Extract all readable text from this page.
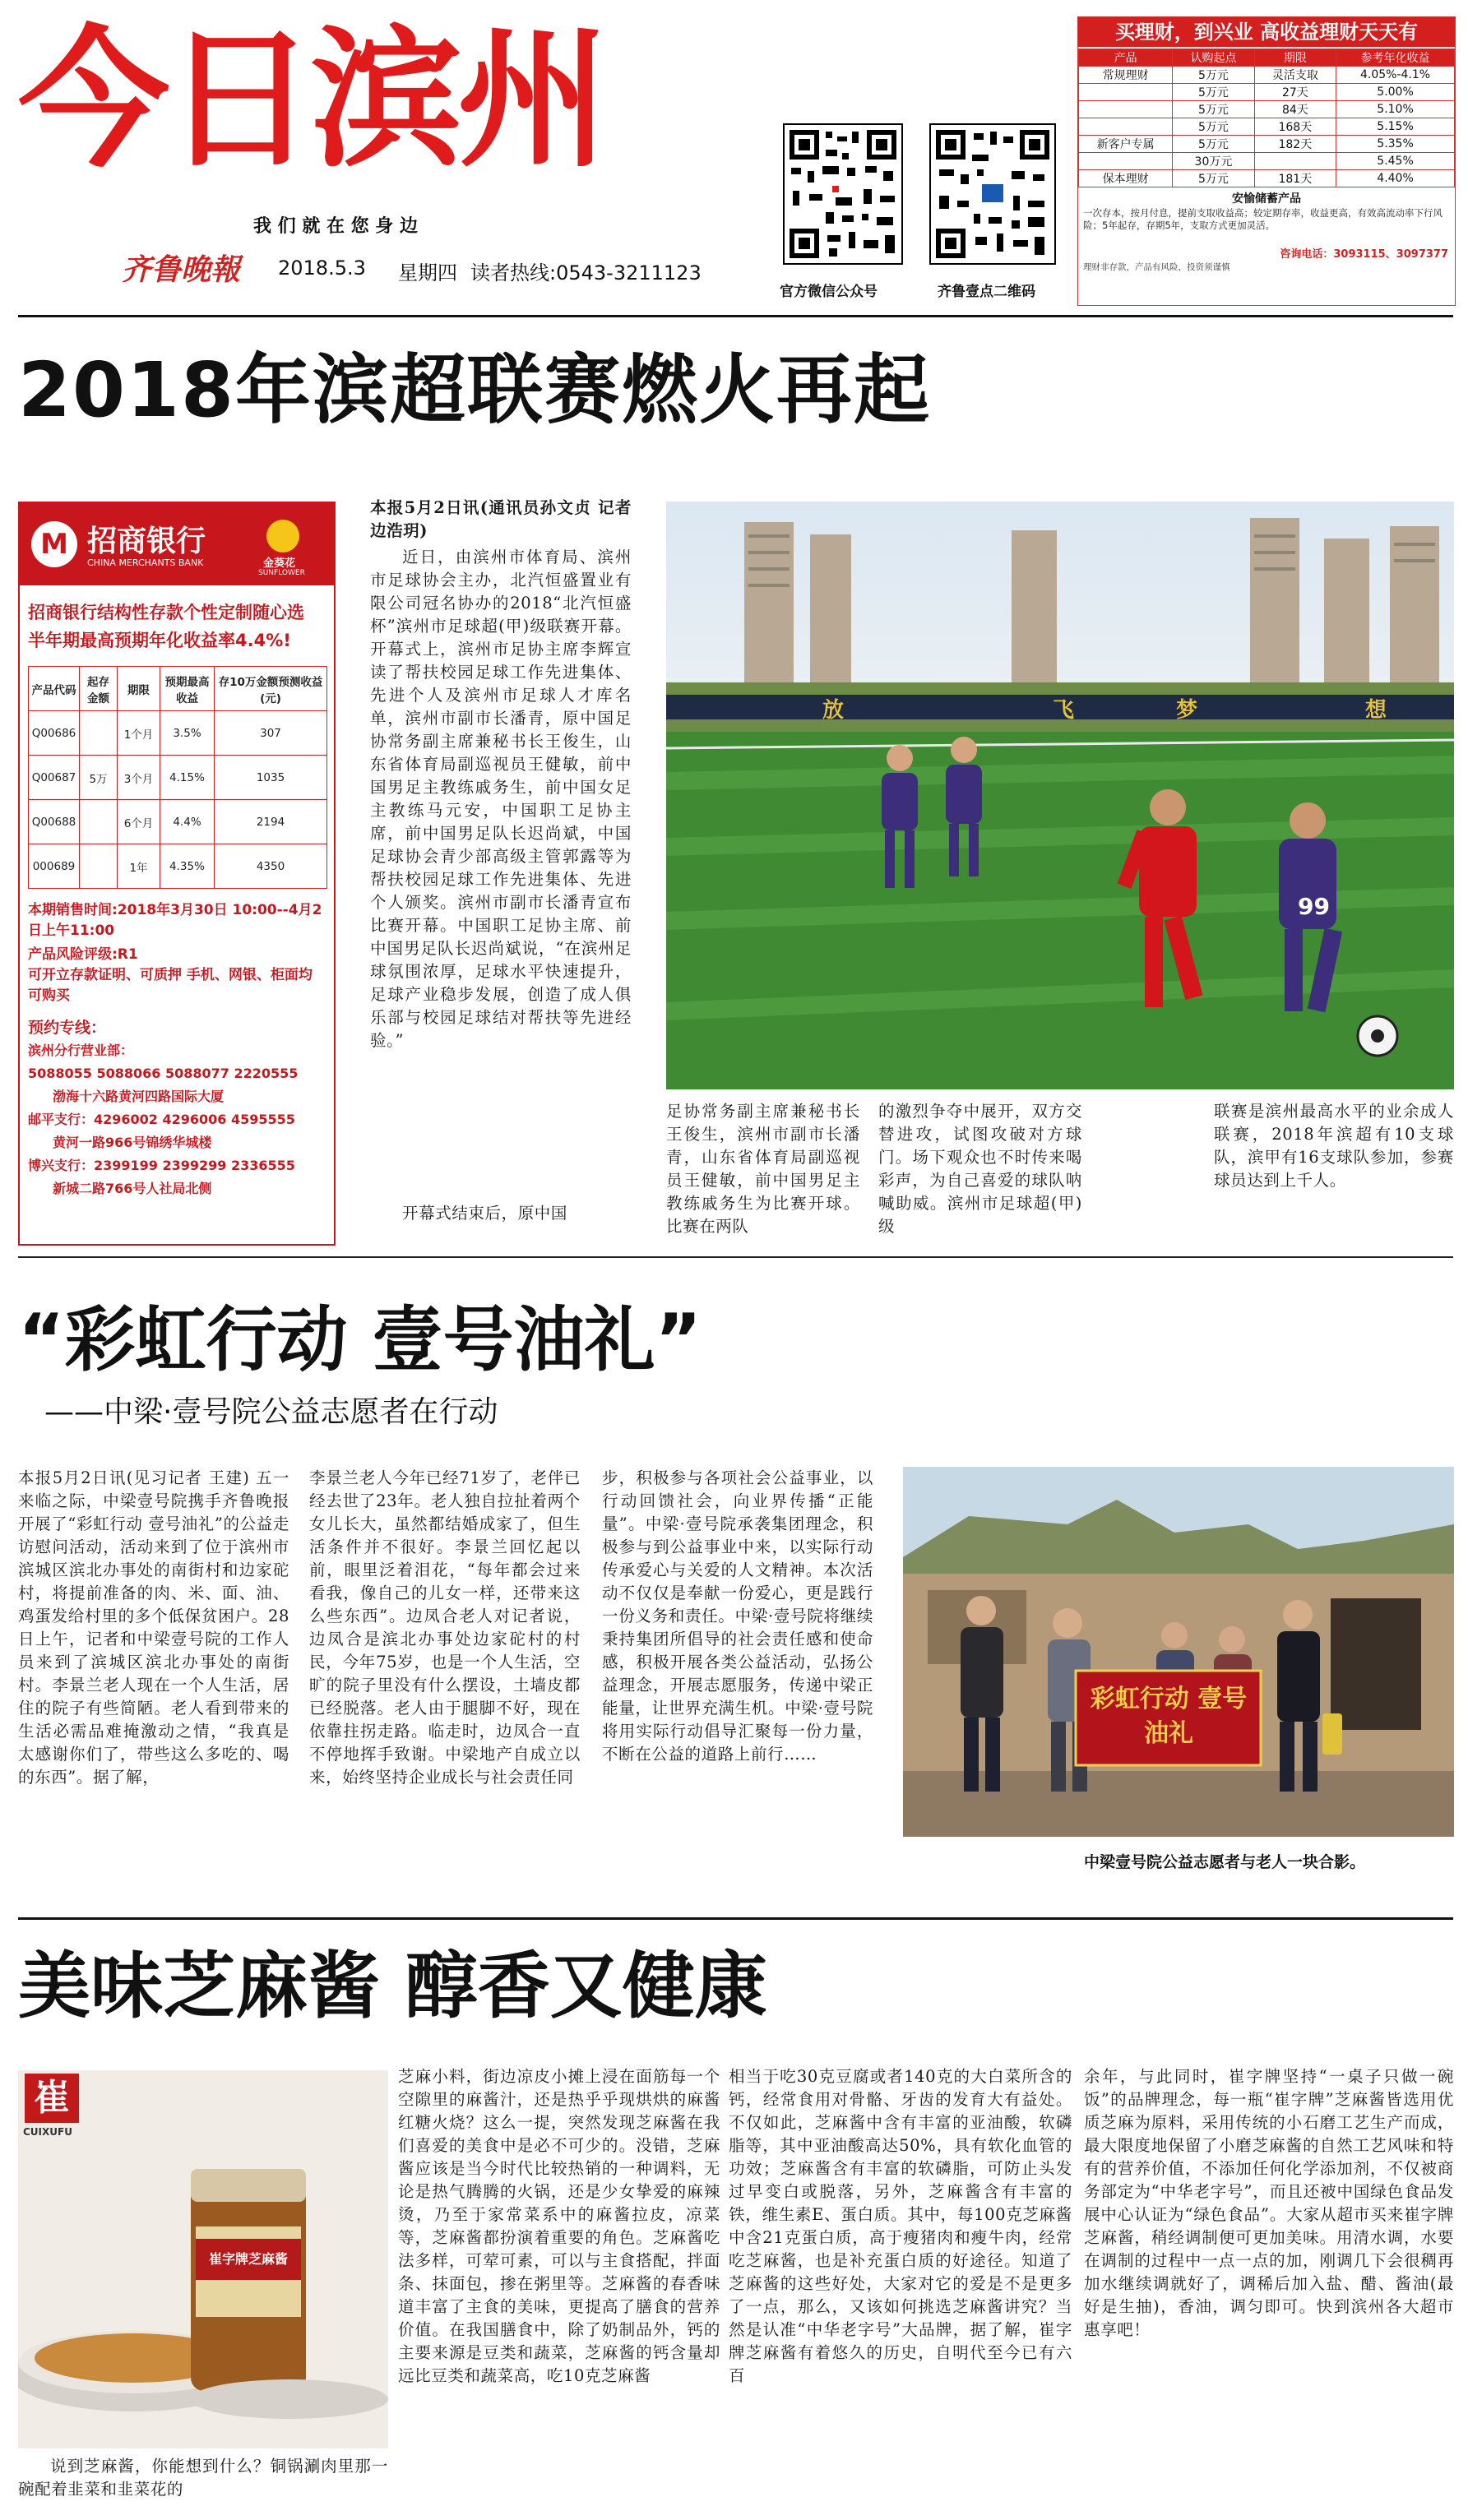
今日滨州
我 们 就 在 您 身 边
齐鲁晚報 2018.5.3 星期四 读者热线:0543-3211123
官方微信公众号	齐鲁壹点二维码
买理财，到兴业 高收益理财天天有
产品	认购起点	期限	参考年化收益
常规理财	5万元	灵活支取	4.05%-4.1%
	5万元	27天	5.00%
	5万元	84天	5.10%
	5万元	168天	5.15%
新客户专属	5万元	182天	5.35%
	30万元		5.45%
保本理财	5万元	181天	4.40%
安愉储蓄产品
一次存本，按月付息，提前支取收益高；较定期存率，收益更高，有效高流动率下行风险；5年起存，存期5年，支取方式更加灵活。
咨询电话：3093115、3097377
理财非存款，产品有风险，投资须谨慎
2018年滨超联赛燃火再起
M 招商银行
CHINA MERCHANTS BANK	金葵花
SUNFLOWER
招商银行结构性存款个性定制随心选 半年期最高预期年化收益率4.4%!
产品代码	起存金额	期限	预期最高收益	存10万金额预测收益(元)
Q00686		1个月	3.5%	307
Q00687	5万	3个月	4.15%	1035
Q00688		6个月	4.4%	2194
000689		1年	4.35%	4350
本期销售时间:2018年3月30日 10:00--4月2日上午11:00
产品风险评级:R1
可开立存款证明、可质押 手机、网银、柜面均可购买
预约专线：
滨州分行营业部：
5088055 5088066 5088077 2220555
渤海十六路黄河四路国际大厦
邮平支行：4296002 4296006 4595555
黄河一路966号锦绣华城楼
博兴支行：2399199 2399299 2336555
新城二路766号人社局北侧
本报5月2日讯(通讯员孙文贞 记者 边浩玥)
近日，由滨州市体育局、滨州市足球协会主办，北汽恒盛置业有限公司冠名协办的2018“北汽恒盛杯”滨州市足球超(甲)级联赛开幕。开幕式上，滨州市足协主席李辉宣读了帮扶校园足球工作先进集体、先进个人及滨州市足球人才库名单，滨州市副市长潘青，原中国足协常务副主席兼秘书长王俊生，山东省体育局副巡视员王健敏，前中国男足主教练戚务生，前中国女足主教练马元安，中国职工足协主席，前中国男足队长迟尚斌，中国足球协会青少部高级主管郭露等为帮扶校园足球工作先进集体、先进个人颁奖。滨州市副市长潘青宣布比赛开幕。中国职工足协主席、前中国男足队长迟尚斌说，“在滨州足球氛围浓厚，足球水平快速提升，足球产业稳步发展，创造了成人俱乐部与校园足球结对帮扶等先进经验。”
开幕式结束后，原中国
放	飞	梦	想
99
足协常务副主席兼秘书长王俊生，滨州市副市长潘青，山东省体育局副巡视员王健敏，前中国男足主教练戚务生为比赛开球。比赛在两队
的激烈争夺中展开，双方交替进攻，试图攻破对方球门。场下观众也不时传来喝彩声，为自己喜爱的球队呐喊助威。滨州市足球超(甲)级
联赛是滨州最高水平的业余成人联赛，2018年滨超有10支球队，滨甲有16支球队参加，参赛球员达到上千人。
“彩虹行动 壹号油礼”
——中梁·壹号院公益志愿者在行动
本报5月2日讯(见习记者 王建) 五一来临之际，中梁壹号院携手齐鲁晚报开展了“彩虹行动 壹号油礼”的公益走访慰问活动，活动来到了位于滨州市滨城区滨北办事处的南街村和边家砣村，将提前准备的肉、米、面、油、鸡蛋发给村里的多个低保贫困户。28日上午，记者和中梁壹号院的工作人员来到了滨城区滨北办事处的南街村。李景兰老人现在一个人生活，居住的院子有些简陋。老人看到带来的生活必需品难掩激动之情，“我真是太感谢你们了，带些这么多吃的、喝的东西”。据了解，
李景兰老人今年已经71岁了，老伴已经去世了23年。老人独自拉扯着两个女儿长大，虽然都结婚成家了，但生活条件并不很好。李景兰回忆起以前，眼里泛着泪花，“每年都会过来看我，像自己的儿女一样，还带来这么些东西”。边凤合老人对记者说，边凤合是滨北办事处边家砣村的村民，今年75岁，也是一个人生活，空旷的院子里没有什么摆设，土墙皮都已经脱落。老人由于腿脚不好，现在依靠拄拐走路。临走时，边凤合一直不停地挥手致谢。中梁地产自成立以来，始终坚持企业成长与社会责任同
步，积极参与各项社会公益事业，以行动回馈社会，向业界传播“正能量”。中梁·壹号院承袭集团理念，积极参与到公益事业中来，以实际行动传承爱心与关爱的人文精神。本次活动不仅仅是奉献一份爱心，更是践行一份义务和责任。中梁·壹号院将继续秉持集团所倡导的社会责任感和使命感，积极开展各类公益活动，弘扬公益理念，开展志愿服务，传递中梁正能量，让世界充满生机。中梁·壹号院将用实际行动倡导汇聚每一份力量，不断在公益的道路上前行……
彩虹行动 壹号油礼
中梁壹号院公益志愿者与老人一块合影。
美味芝麻酱 醇香又健康
崔
CUIXUFU
崔字牌芝麻酱
说到芝麻酱，你能想到什么？铜锅涮肉里那一碗配着韭菜和韭菜花的
芝麻小料，街边凉皮小摊上浸在面筋每一个空隙里的麻酱汁，还是热乎乎现烘烘的麻酱红糖火烧？这么一提，突然发现芝麻酱在我们喜爱的美食中是必不可少的。没错，芝麻酱应该是当今时代比较热销的一种调料，无论是热气腾腾的火锅，还是少女挚爱的麻辣烫，乃至于家常菜系中的麻酱拉皮，凉菜等，芝麻酱都扮演着重要的角色。芝麻酱吃法多样，可荤可素，可以与主食搭配，拌面条、抹面包，掺在粥里等。芝麻酱的春香味道丰富了主食的美味，更提高了膳食的营养价值。在我国膳食中，除了奶制品外，钙的主要来源是豆类和蔬菜，芝麻酱的钙含量却远比豆类和蔬菜高，吃10克芝麻酱
相当于吃30克豆腐或者140克的大白菜所含的钙，经常食用对骨骼、牙齿的发育大有益处。不仅如此，芝麻酱中含有丰富的亚油酸，软磷脂等，其中亚油酸高达50%，具有软化血管的功效；芝麻酱含有丰富的软磷脂，可防止头发过早变白或脱落，另外，芝麻酱含有丰富的铁，维生素E、蛋白质。其中，每100克芝麻酱中含21克蛋白质，高于瘦猪肉和瘦牛肉，经常吃芝麻酱，也是补充蛋白质的好途径。知道了芝麻酱的这些好处，大家对它的爱是不是更多了一点，那么，又该如何挑选芝麻酱讲究？当然是认准“中华老字号”大品牌，据了解，崔字牌芝麻酱有着悠久的历史，自明代至今已有六百
余年，与此同时，崔字牌坚持“一桌子只做一碗饭”的品牌理念，每一瓶“崔字牌”芝麻酱皆选用优质芝麻为原料，采用传统的小石磨工艺生产而成，最大限度地保留了小磨芝麻酱的自然工艺风味和特有的营养价值，不添加任何化学添加剂，不仅被商务部定为“中华老字号”，而且还被中国绿色食品发展中心认证为“绿色食品”。大家从超市买来崔字牌芝麻酱，稍经调制便可更加美味。用清水调，水要在调制的过程中一点一点的加，刚调几下会很稠再加水继续调就好了，调稀后加入盐、醋、酱油(最好是生抽)，香油，调匀即可。快到滨州各大超市惠享吧！
